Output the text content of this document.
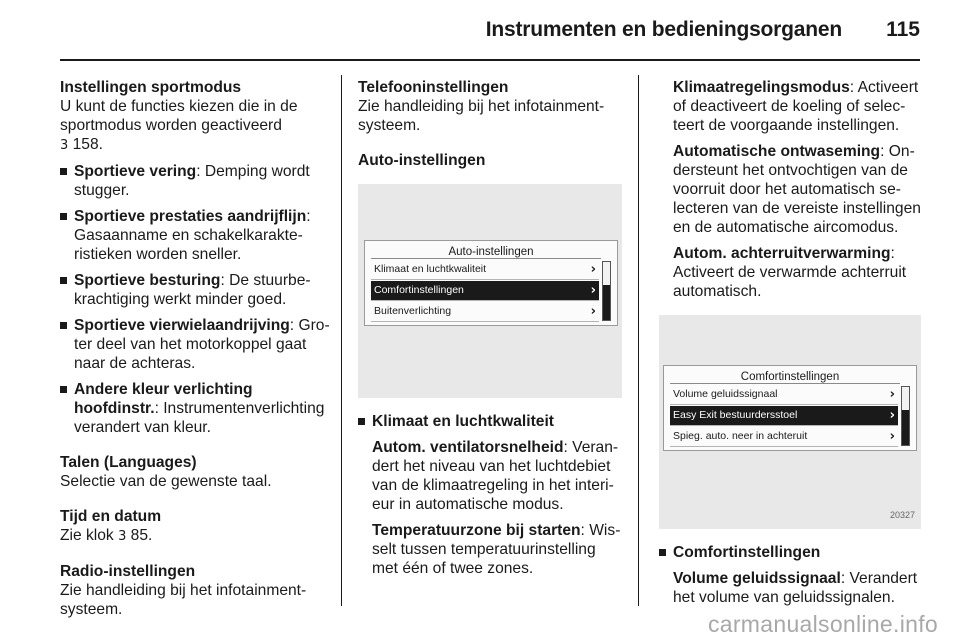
Instrumenten en bedieningsorganen 115

Instellingen sportmodus

U kunt de functies kiezen die in de sportmodus worden geactiveerd
3 158.

Sportieve vering: Demping wordt stugger.
Sportieve prestaties aandrijflijn: Gasaanname en schakelkarakteristieken worden sneller.
Sportieve besturing: De stuurbekrachtiging werkt minder goed.
Sportieve vierwielaandrijving: Groter deel van het motorkoppel gaat naar de achteras.
Andere kleur verlichting hoofdinstr.: Instrumentenverlichting verandert van kleur.

Talen (Languages)

Selectie van de gewenste taal.

Tijd en datum

Zie klok 3 85.

Radio-instellingen

Zie handleiding bij het infotainment-systeem.

Telefooninstellingen

Zie handleiding bij het infotainment-systeem.

Auto-instellingen

Auto-instellingen
Klimaat en luchtkwaliteit	›
Comfortinstellingen	›
Buitenverlichting	›
Klimaat en luchtkwaliteit
Autom. ventilatorsnelheid: Verandert het niveau van het luchtdebiet van de klimaatregeling in het interieur in automatische modus.
Temperatuurzone bij starten: Wisselt tussen temperatuurinstelling met één of twee zones.
Klimaatregelingsmodus: Activeert of deactiveert de koeling of selecteert de voorgaande instellingen.
Automatische ontwaseming: Ondersteunt het ontvochtigen van de voorruit door het automatisch selecteren van de vereiste instellingen en de automatische aircomodus.
Autom. achterruitverwarming: Activeert de verwarmde achterruit automatisch.
Comfortinstellingen
Volume geluidssignaal	›
Easy Exit bestuurdersstoel	›
Spieg. auto. neer in achteruit	›
20327
Comfortinstellingen
Volume geluidssignaal: Verandert het volume van geluidssignalen.
carmanualsonline.info
